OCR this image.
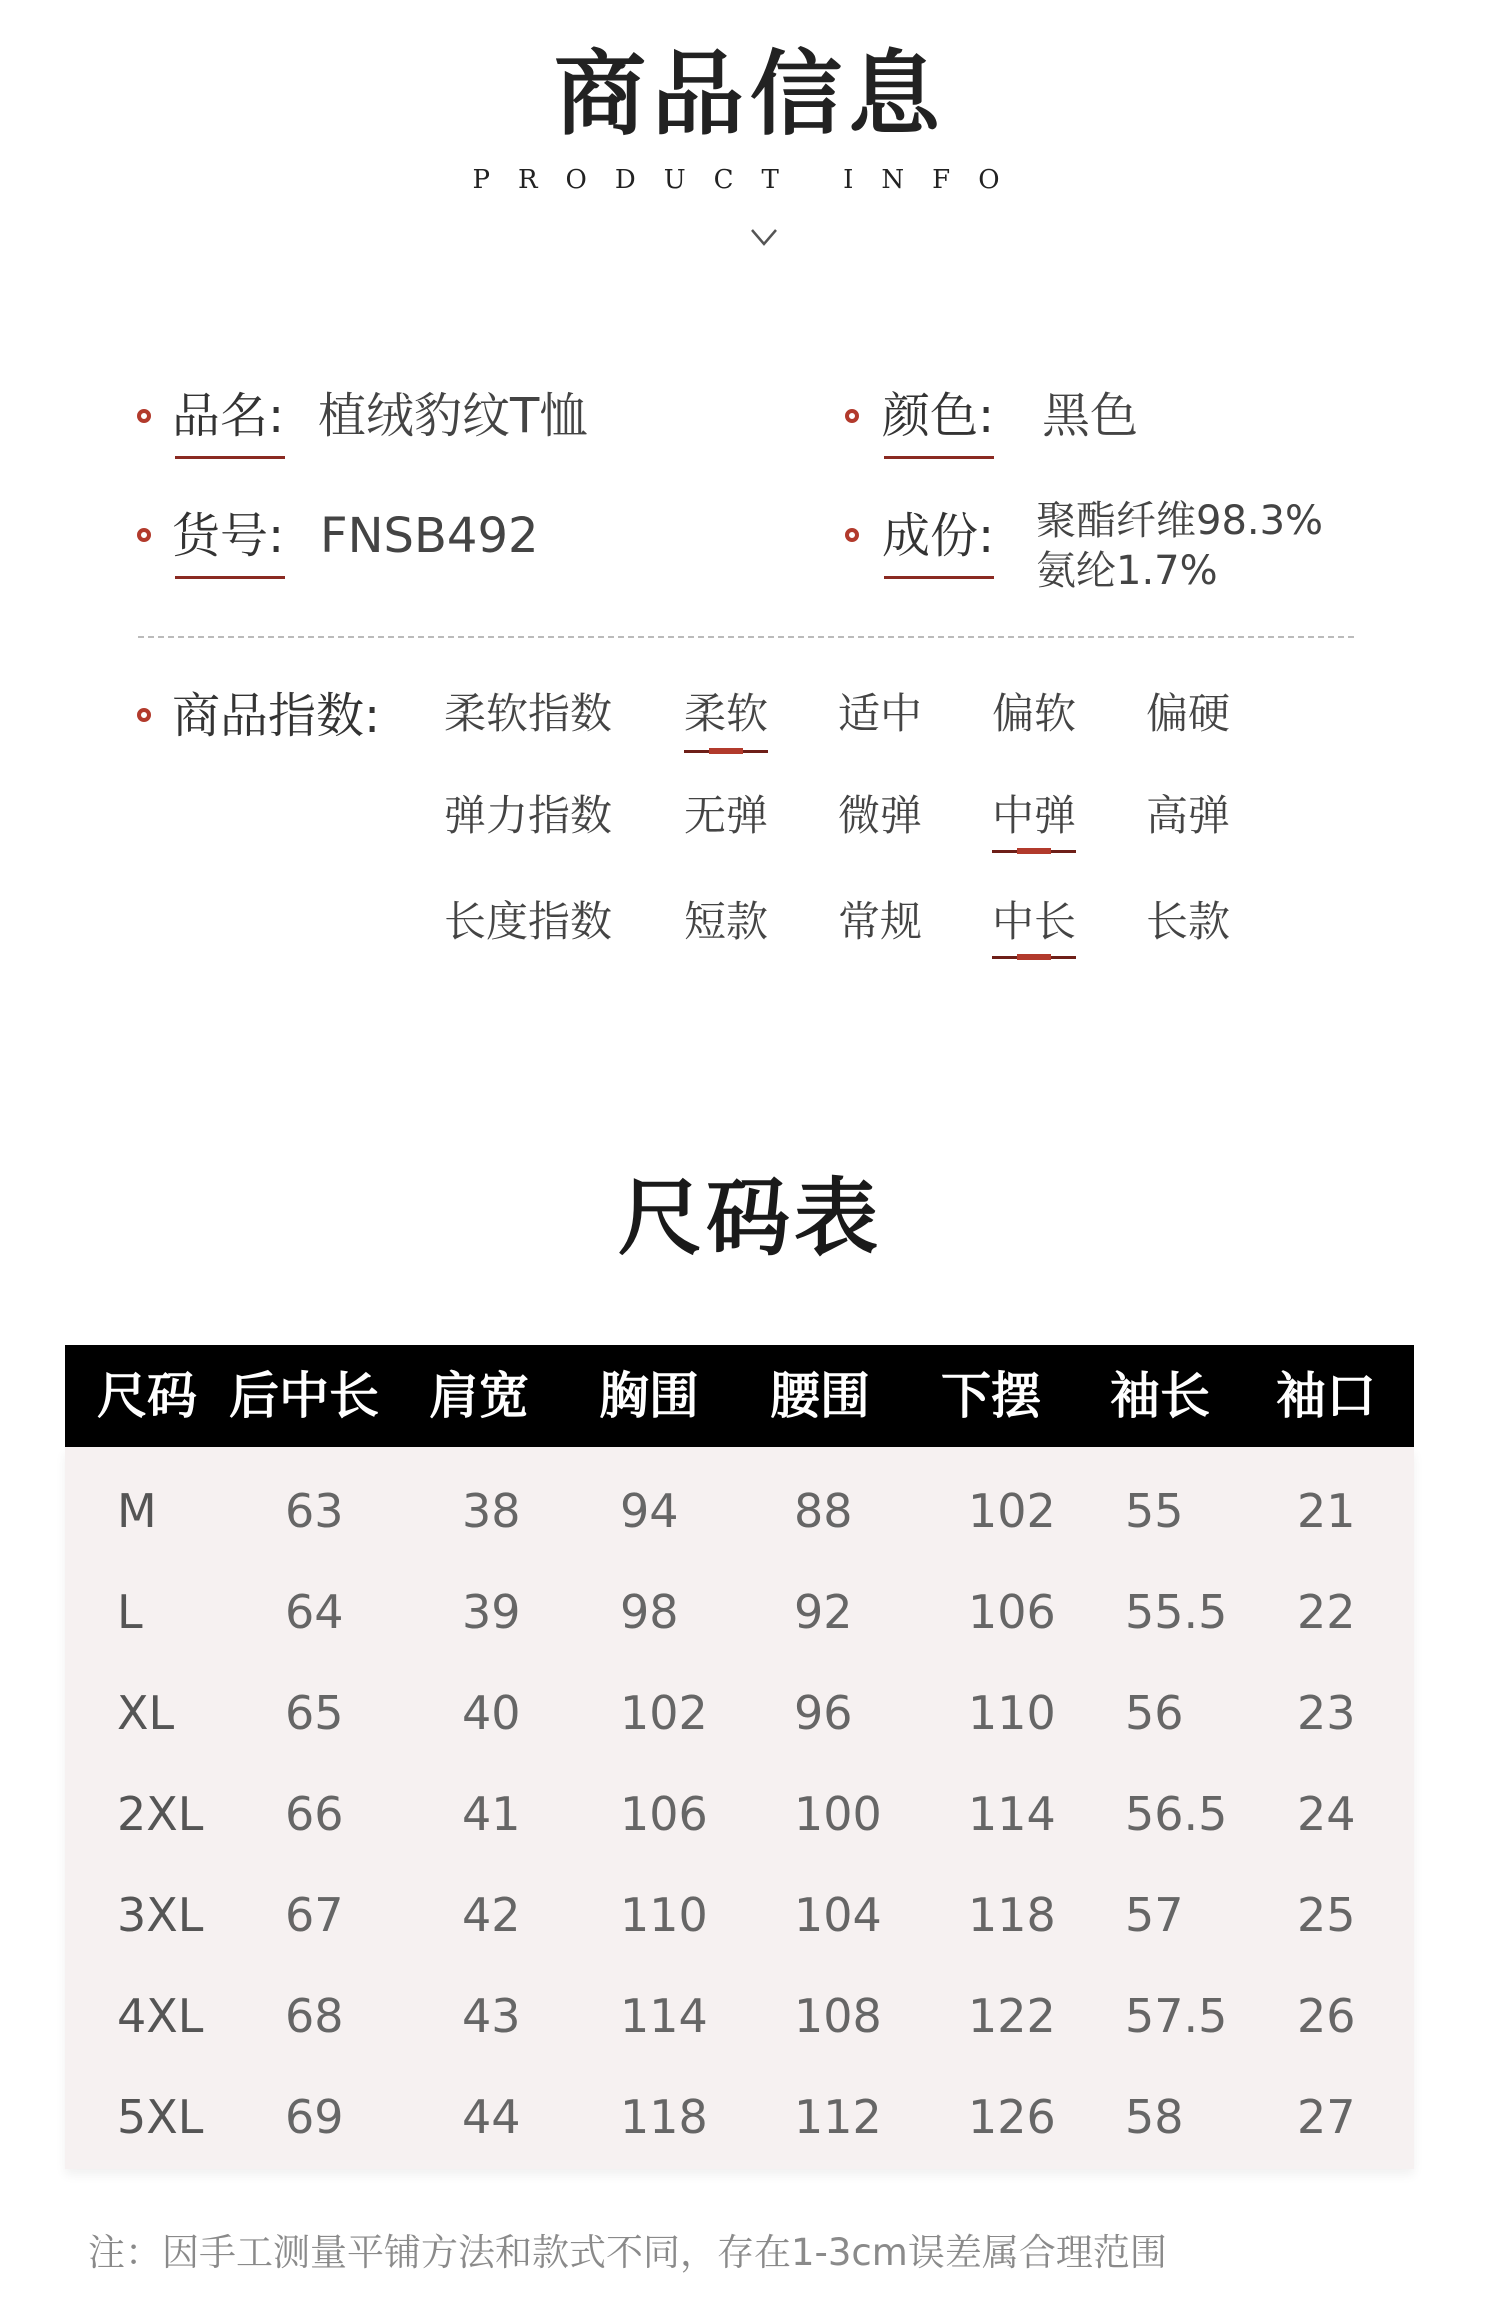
商品信息
PRODUCT INFO
品名: 植绒豹纹T恤	颜色: 黑色
货号: FNSB492	成份: 聚酯纤维98.3%
氨纶1.7%
商品指数: 柔软指数 柔软 适中 偏软 偏硬
弹力指数 无弹 微弹 中弹 高弹
长度指数 短款 常规 中长 长款
尺码表
尺码 后中长 肩宽 胸围 腰围 下摆 袖长 袖口
M	63	38 94	88	102 55 21
L	64	39 98	92	106 55.5 22
XL 65	40 102 96	110 56 23
2XL 66	41 106 100 114 56.5 24
3XL 67	42 110 104 118 57 25
4XL 68	43 114 108 122 57.5 26
5XL 69	44 118 112 126 58 27
注：因手工测量平铺方法和款式不同，存在1-3cm误差属合理范围
